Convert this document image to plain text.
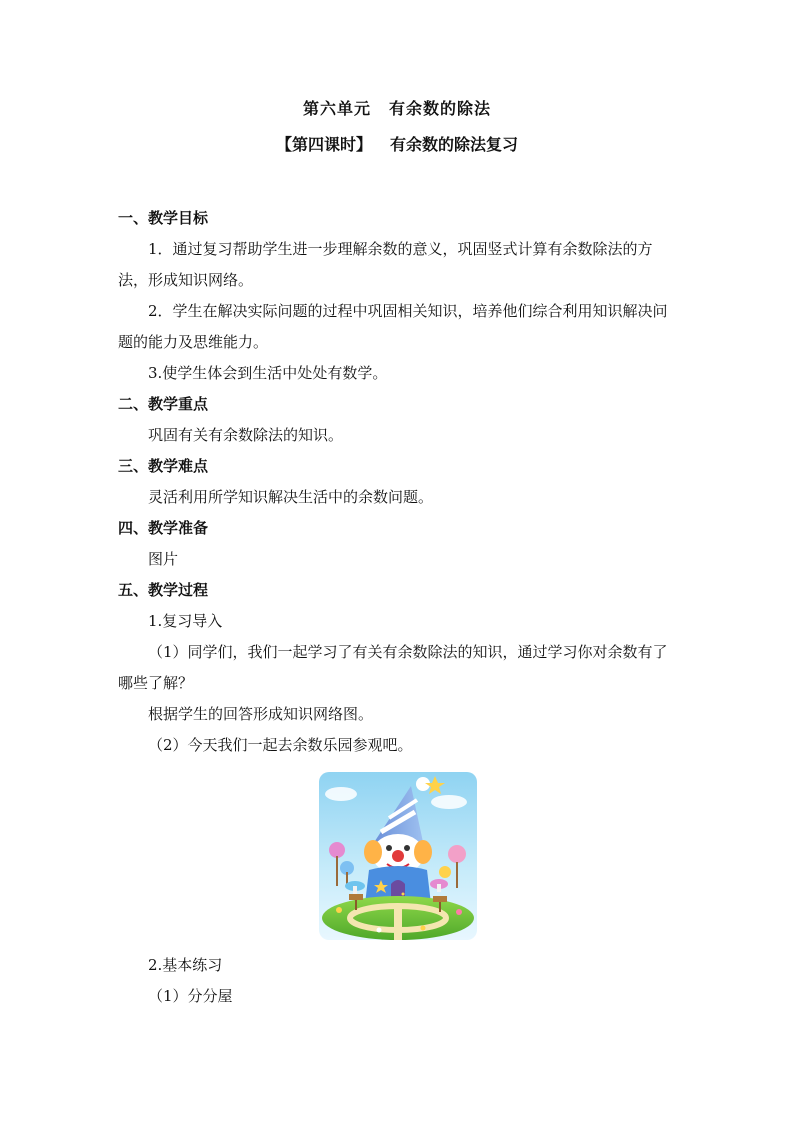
第六单元 有余数的除法
【第四课时】 有余数的除法复习

一、教学目标

1．通过复习帮助学生进一步理解余数的意义，巩固竖式计算有余数除法的方法，形成知识网络。

2．学生在解决实际问题的过程中巩固相关知识，培养他们综合利用知识解决问题的能力及思维能力。

3.使学生体会到生活中处处有数学。

二、教学重点

巩固有关有余数除法的知识。

三、教学难点

灵活利用所学知识解决生活中的余数问题。

四、教学准备

图片

五、教学过程

1.复习导入

（1）同学们，我们一起学习了有关有余数除法的知识，通过学习你对余数有了哪些了解？

根据学生的回答形成知识网络图。

（2）今天我们一起去余数乐园参观吧。

2.基本练习

（1）分分屋
